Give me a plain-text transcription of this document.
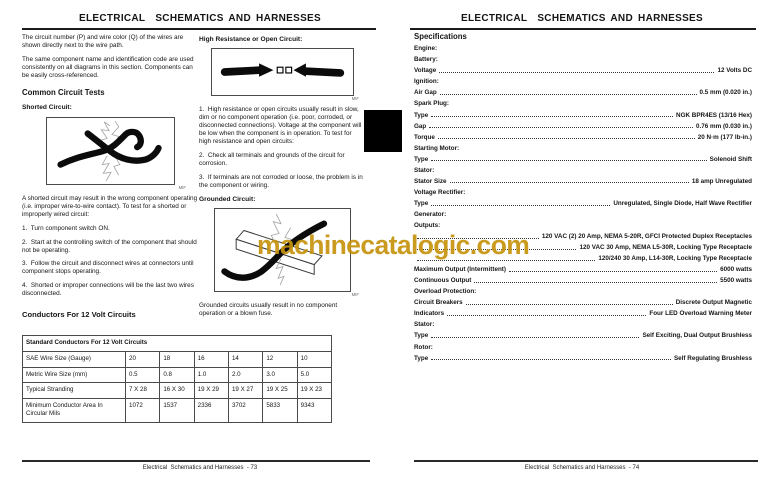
ELECTRICAL  SCHEMATICS AND HARNESSES

The circuit number (P) and wire color (Q) of the wires are shown directly next to the wire path.

The same component name and identification code are used consistently on all diagrams in this section. Components can be easily cross-referenced.

Common Circuit Tests
Shorted Circuit:
MIF

A shorted circuit may result in the wrong component operating (i.e. improper wire-to-wire contact). To test for a shorted or improperly wired circuit:

1.  Turn component switch ON.

2.  Start at the controlling switch of the component that should not be operating.

3.  Follow the circuit and disconnect wires at connectors until component stops operating.

4.  Shorted or improper connections will be the last two wires disconnected.

High Resistance or Open Circuit:
MIF

1.  High resistance or open circuits usually result in slow, dim or no component operation (i.e. poor, corroded, or disconnected connections). Voltage at the component will be low when the component is in operation. To test for high resistance and open circuits:

2.  Check all terminals and grounds of the circuit for corrosion.

3.  If terminals are not corroded or loose, the problem is in the component or wiring.

Grounded Circuit:
MIF

Grounded circuits usually result in no component operation or a blown fuse.

Conductors For 12 Volt Circuits
Standard Conductors For 12 Volt Circuits						
SAE Wire Size (Gauge)	20	18	16	14	12	10
Metric Wire Size (mm)	0.5	0.8	1.0	2.0	3.0	5.0
Typical Stranding	7 X 28	16 X 30	19 X 29	19 X 27	19 X 25	19 X 23
Minimum Conductor Area In Circular Mils	1072	1537	2336	3702	5833	9343
Electrical  Schematics and Harnesses  - 73
ELECTRICAL  SCHEMATICS AND HARNESSES
Specifications
Engine:
Battery:
Voltage	12 Volts DC
Ignition:
Air Gap	0.5 mm (0.020 in.)
Spark Plug:
Type	NGK BPR4ES (13/16 Hex)
Gap	0.76 mm (0.030 in.)
Torque	20 N·m (177 lb-in.)
Starting Motor:
Type	Solenoid Shift
Stator:
Stator Size	18 amp Unregulated
Voltage Rectifier:
Type	Unregulated, Single Diode, Half Wave Rectifier
Generator:
Outputs:
120 VAC (2) 20 Amp, NEMA 5-20R, GFCI Protected Duplex Receptacles
120 VAC 30 Amp, NEMA L5-30R, Locking Type Receptacle
120/240 30 Amp, L14-30R, Locking Type Receptacle
Maximum Output (Intermittent)	6000 watts
Continuous Output	5500 watts
Overload Protection:
Circuit Breakers	Discrete Output Magnetic
Indicators	Four LED Overload Warning Meter
Stator:
Type	Self Exciting, Dual Output Brushless
Rotor:
Type	Self Regulating Brushless
Electrical  Schematics and Harnesses  - 74
machinecatalogic.com
